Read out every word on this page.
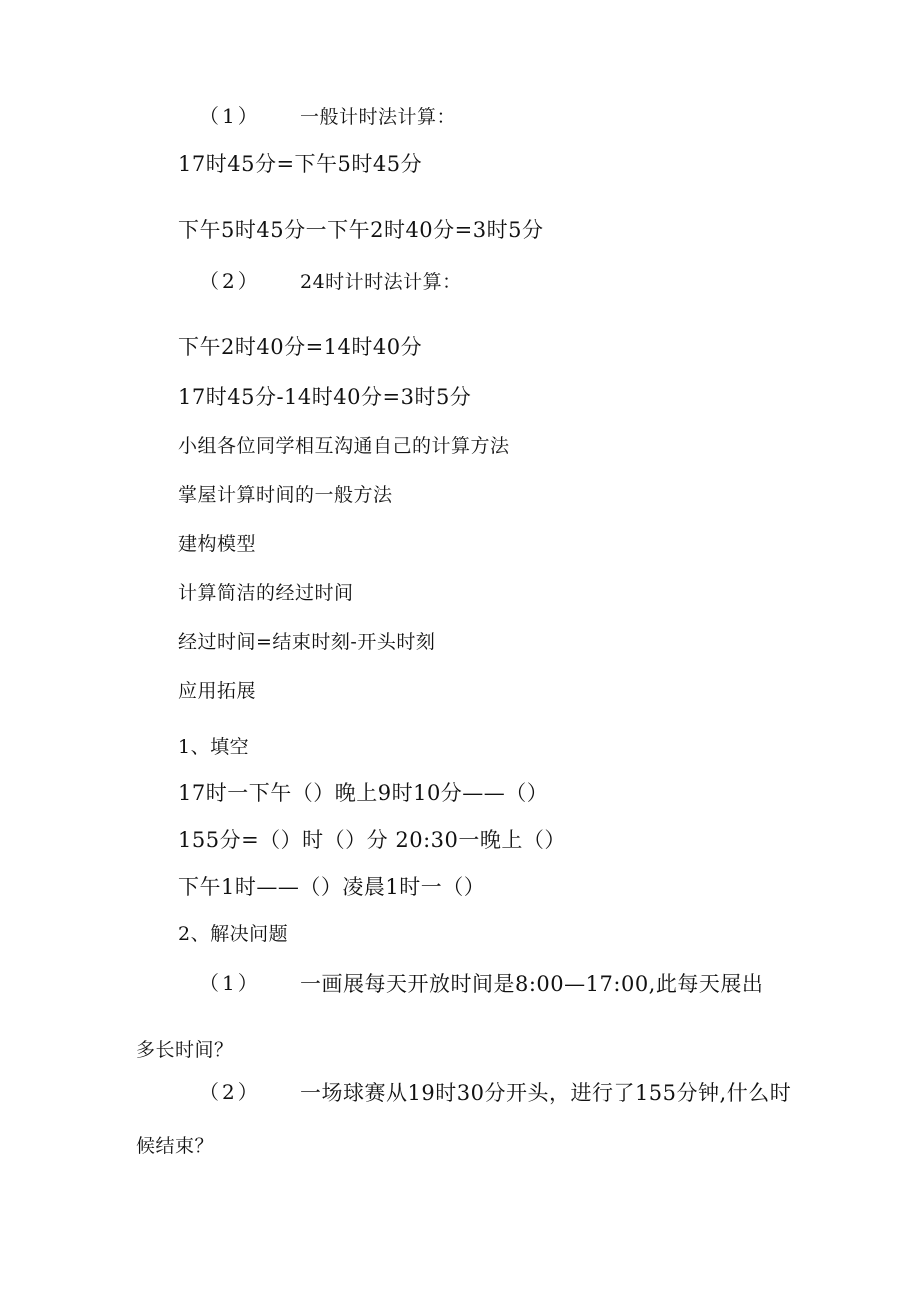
（1） 一般计时法计算：
17时45分=下午5时45分
下午5时45分一下午2时40分=3时5分
（2） 24时计时法计算：
下午2时40分=14时40分
17时45分-14时40分=3时5分
小组各位同学相互沟通自己的计算方法
掌屋计算时间的一般方法
建构模型
计算简洁的经过时间
经过时间=结束时刻-开头时刻
应用拓展
1、填空
17时一下午（）晚上9时10分——（）
155分=（）时（）分 20:30一晚上（）
下午1时——（）凌晨1时一（）
2、解决问题
（1） 一画展每天开放时间是8:00—17:00,此每天展出
多长时间？
（2） 一场球赛从19时30分开头，进行了155分钟,什么时
候结束？
